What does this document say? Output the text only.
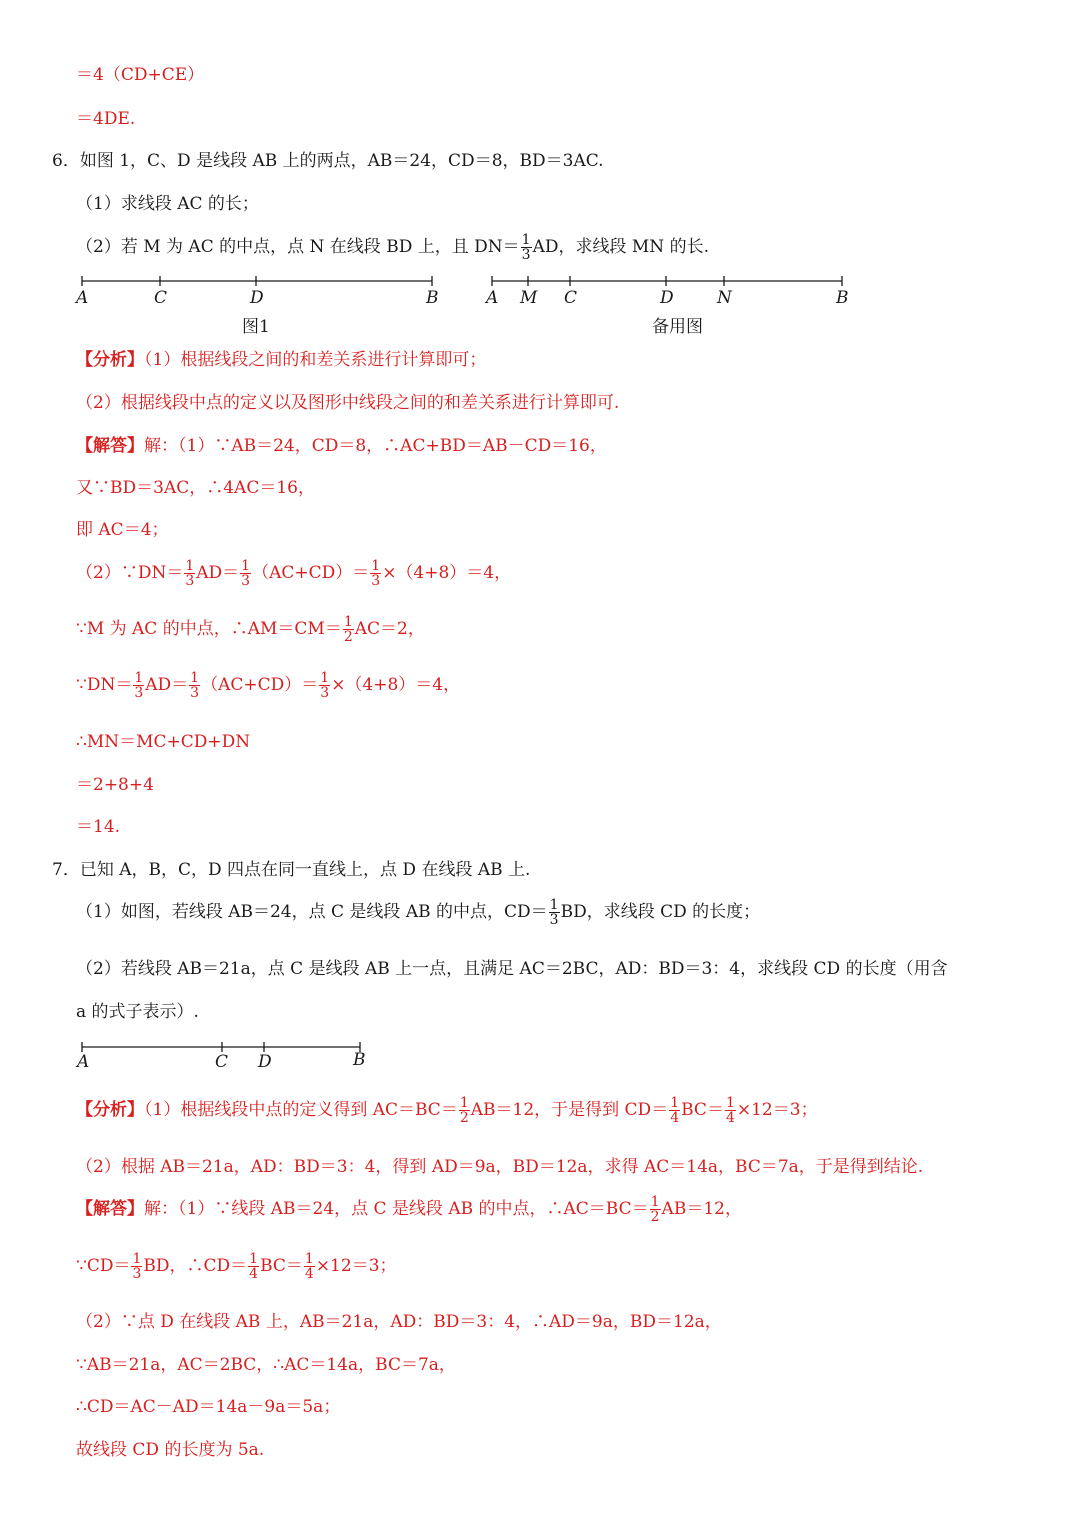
＝4（CD+CE）
＝4DE.
6．如图 1，C、D 是线段 AB 上的两点，AB＝24，CD＝8，BD＝3AC.
（1）求线段 AC 的长；
（2）若 M 为 AC 的中点，点 N 在线段 BD 上，且 $DN= \frac{1}{3}$ AD，求线段 MN 的长.
A	C	D	B
图1
A M C	D	N	B
备用图
【分析】（1）根据线段之间的和差关系进行计算即可；
（2）根据线段中点的定义以及图形中线段之间的和差关系进行计算即可.
【解答】解：（1）∵AB＝24，CD＝8，∴AC+BD＝AB－CD＝16，
又∵BD＝3AC，∴4AC＝16，
即 AC＝4；
（2）∵DN＝ $\frac{1}{3} AD= \frac{1}{3} (AC+CD)= \frac{1}{3} \times(4+8)=4$，
∵M 为 AC 的中点，∴AM＝CM＝ $\frac{1}{2} AC=2$，
∵DN＝ $\frac{1}{3} AD= \frac{1}{3} (AC+CD)= \frac{1}{3} \times(4+8)=4$，
∴MN＝MC+CD+DN
＝2+8+4
＝14.
7．已知 A，B，C，D 四点在同一直线上，点 D 在线段 AB 上.
（1）如图，若线段 AB＝24，点 C 是线段 AB 的中点，$CD= \frac{1}{3}$ BD，求线段 CD 的长度；
（2）若线段 AB＝21a，点 C 是线段 AB 上一点，且满足 AC＝2BC，AD：BD＝3：4，求线段 CD 的长度（用含
a 的式子表示）.
A	C D	B
【分析】（1）根据线段中点的定义得到 $AC=BC= \frac{1}{2} AB=12$，于是得到 $CD= \frac{1}{4} BC= \frac{1}{4} \times 12=3$；
（2）根据 AB＝21a，AD：BD＝3：4，得到 AD＝9a，BD＝12a，求得 AC＝14a，BC＝7a，于是得到结论.
【解答】解：（1）∵线段 AB＝24，点 C 是线段 AB 的中点，∴AC＝BC＝ $\frac{1}{2} AB=12$，
∵CD＝ $\frac{1}{3}$ BD，∴CD＝ $\frac{1}{4} BC= \frac{1}{4} \times 12=3$；
（2）∵点 D 在线段 AB 上，AB＝21a，AD：BD＝3：4，∴AD＝9a，BD＝12a，
∵AB＝21a，AC＝2BC，∴AC＝14a，BC＝7a，
∴CD＝AC－AD＝14a－9a＝5a；
故线段 CD 的长度为 5a.
